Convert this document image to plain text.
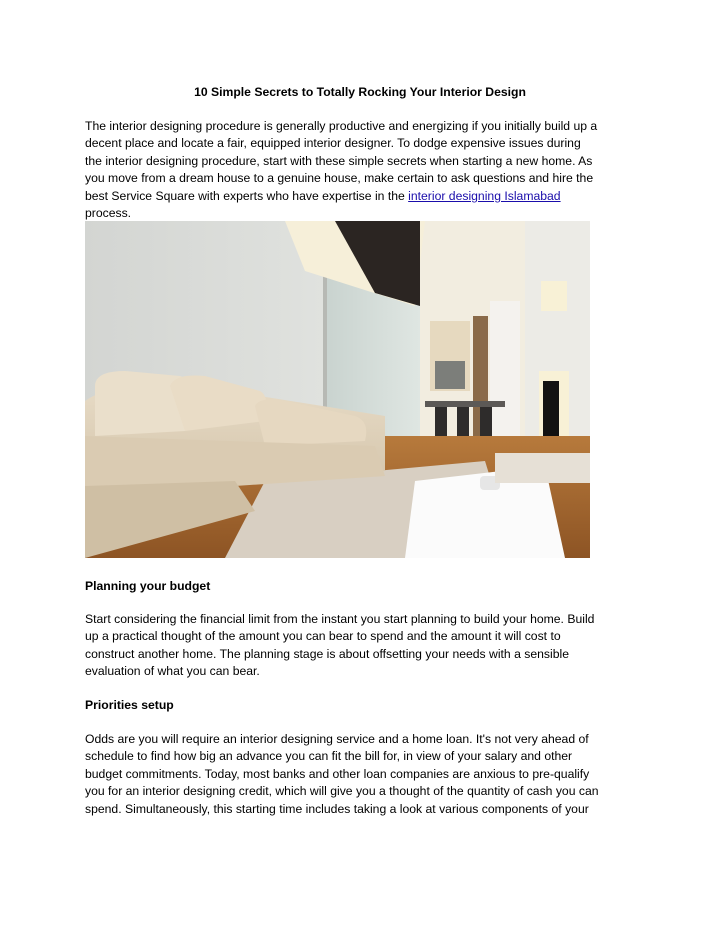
10 Simple Secrets to Totally Rocking Your Interior Design
The interior designing procedure is generally productive and energizing if you initially build up a
decent place and locate a fair, equipped interior designer. To dodge expensive issues during
the interior designing procedure, start with these simple secrets when starting a new home. As
you move from a dream house to a genuine house, make certain to ask questions and hire the
best Service Square with experts who have expertise in the interior designing Islamabad
process.
Planning your budget
Start considering the financial limit from the instant you start planning to build your home. Build
up a practical thought of the amount you can bear to spend and the amount it will cost to
construct another home. The planning stage is about offsetting your needs with a sensible
evaluation of what you can bear.
Priorities setup
Odds are you will require an interior designing service and a home loan. It's not very ahead of
schedule to find how big an advance you can fit the bill for, in view of your salary and other
budget commitments. Today, most banks and other loan companies are anxious to pre-qualify
you for an interior designing credit, which will give you a thought of the quantity of cash you can
spend. Simultaneously, this starting time includes taking a look at various components of your
